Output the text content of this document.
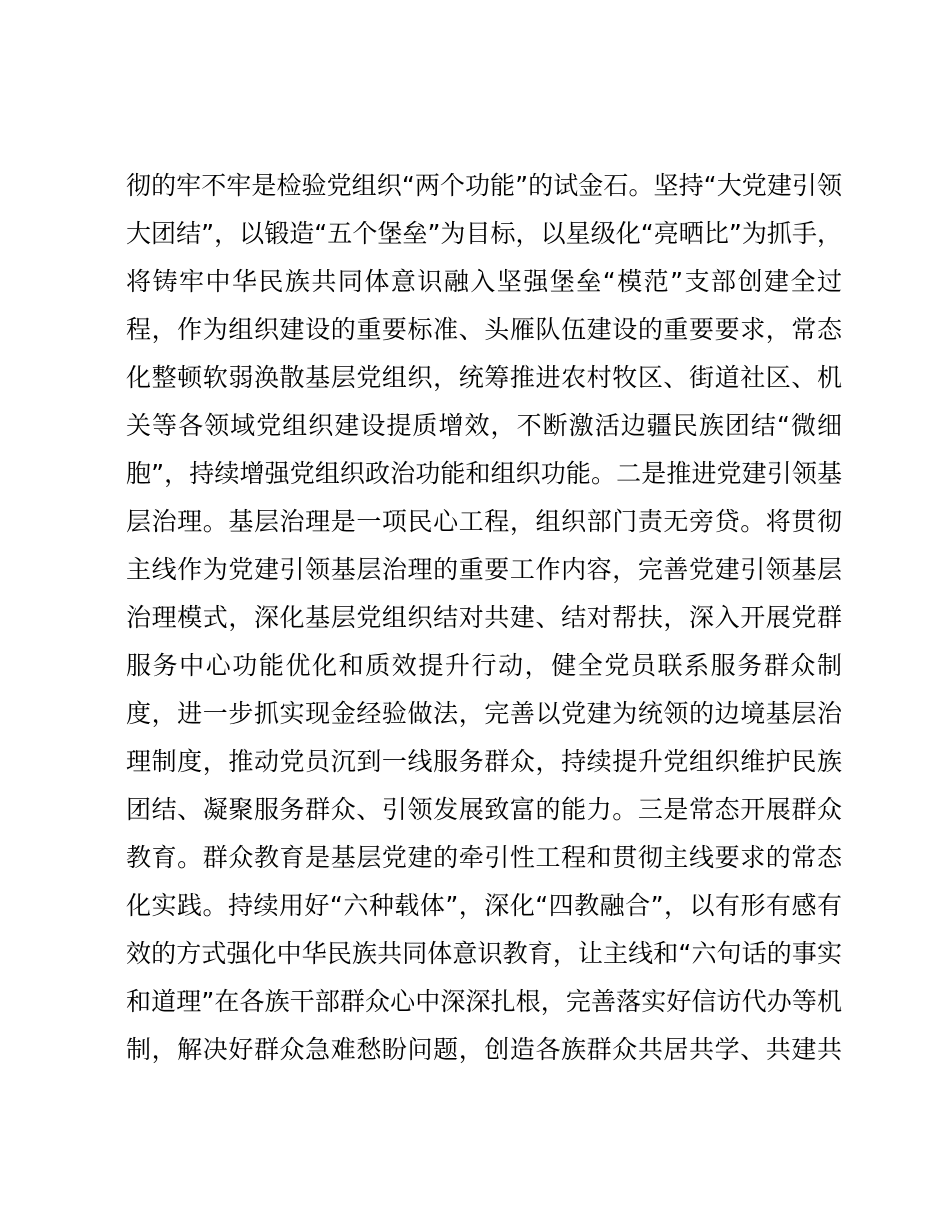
彻的牢不牢是检验党组织“两个功能”的试金石。坚持“大党建引领
大团结”，以锻造“五个堡垒”为目标，以星级化“亮晒比”为抓手，
将铸牢中华民族共同体意识融入坚强堡垒“模范”支部创建全过
程，作为组织建设的重要标准、头雁队伍建设的重要要求，常态
化整顿软弱涣散基层党组织，统筹推进农村牧区、街道社区、机
关等各领域党组织建设提质增效，不断激活边疆民族团结“微细
胞”，持续增强党组织政治功能和组织功能。二是推进党建引领基
层治理。基层治理是一项民心工程，组织部门责无旁贷。将贯彻
主线作为党建引领基层治理的重要工作内容，完善党建引领基层
治理模式，深化基层党组织结对共建、结对帮扶，深入开展党群
服务中心功能优化和质效提升行动，健全党员联系服务群众制
度，进一步抓实现金经验做法，完善以党建为统领的边境基层治
理制度，推动党员沉到一线服务群众，持续提升党组织维护民族
团结、凝聚服务群众、引领发展致富的能力。三是常态开展群众
教育。群众教育是基层党建的牵引性工程和贯彻主线要求的常态
化实践。持续用好“六种载体”，深化“四教融合”，以有形有感有
效的方式强化中华民族共同体意识教育，让主线和“六句话的事实
和道理”在各族干部群众心中深深扎根，完善落实好信访代办等机
制，解决好群众急难愁盼问题，创造各族群众共居共学、共建共
